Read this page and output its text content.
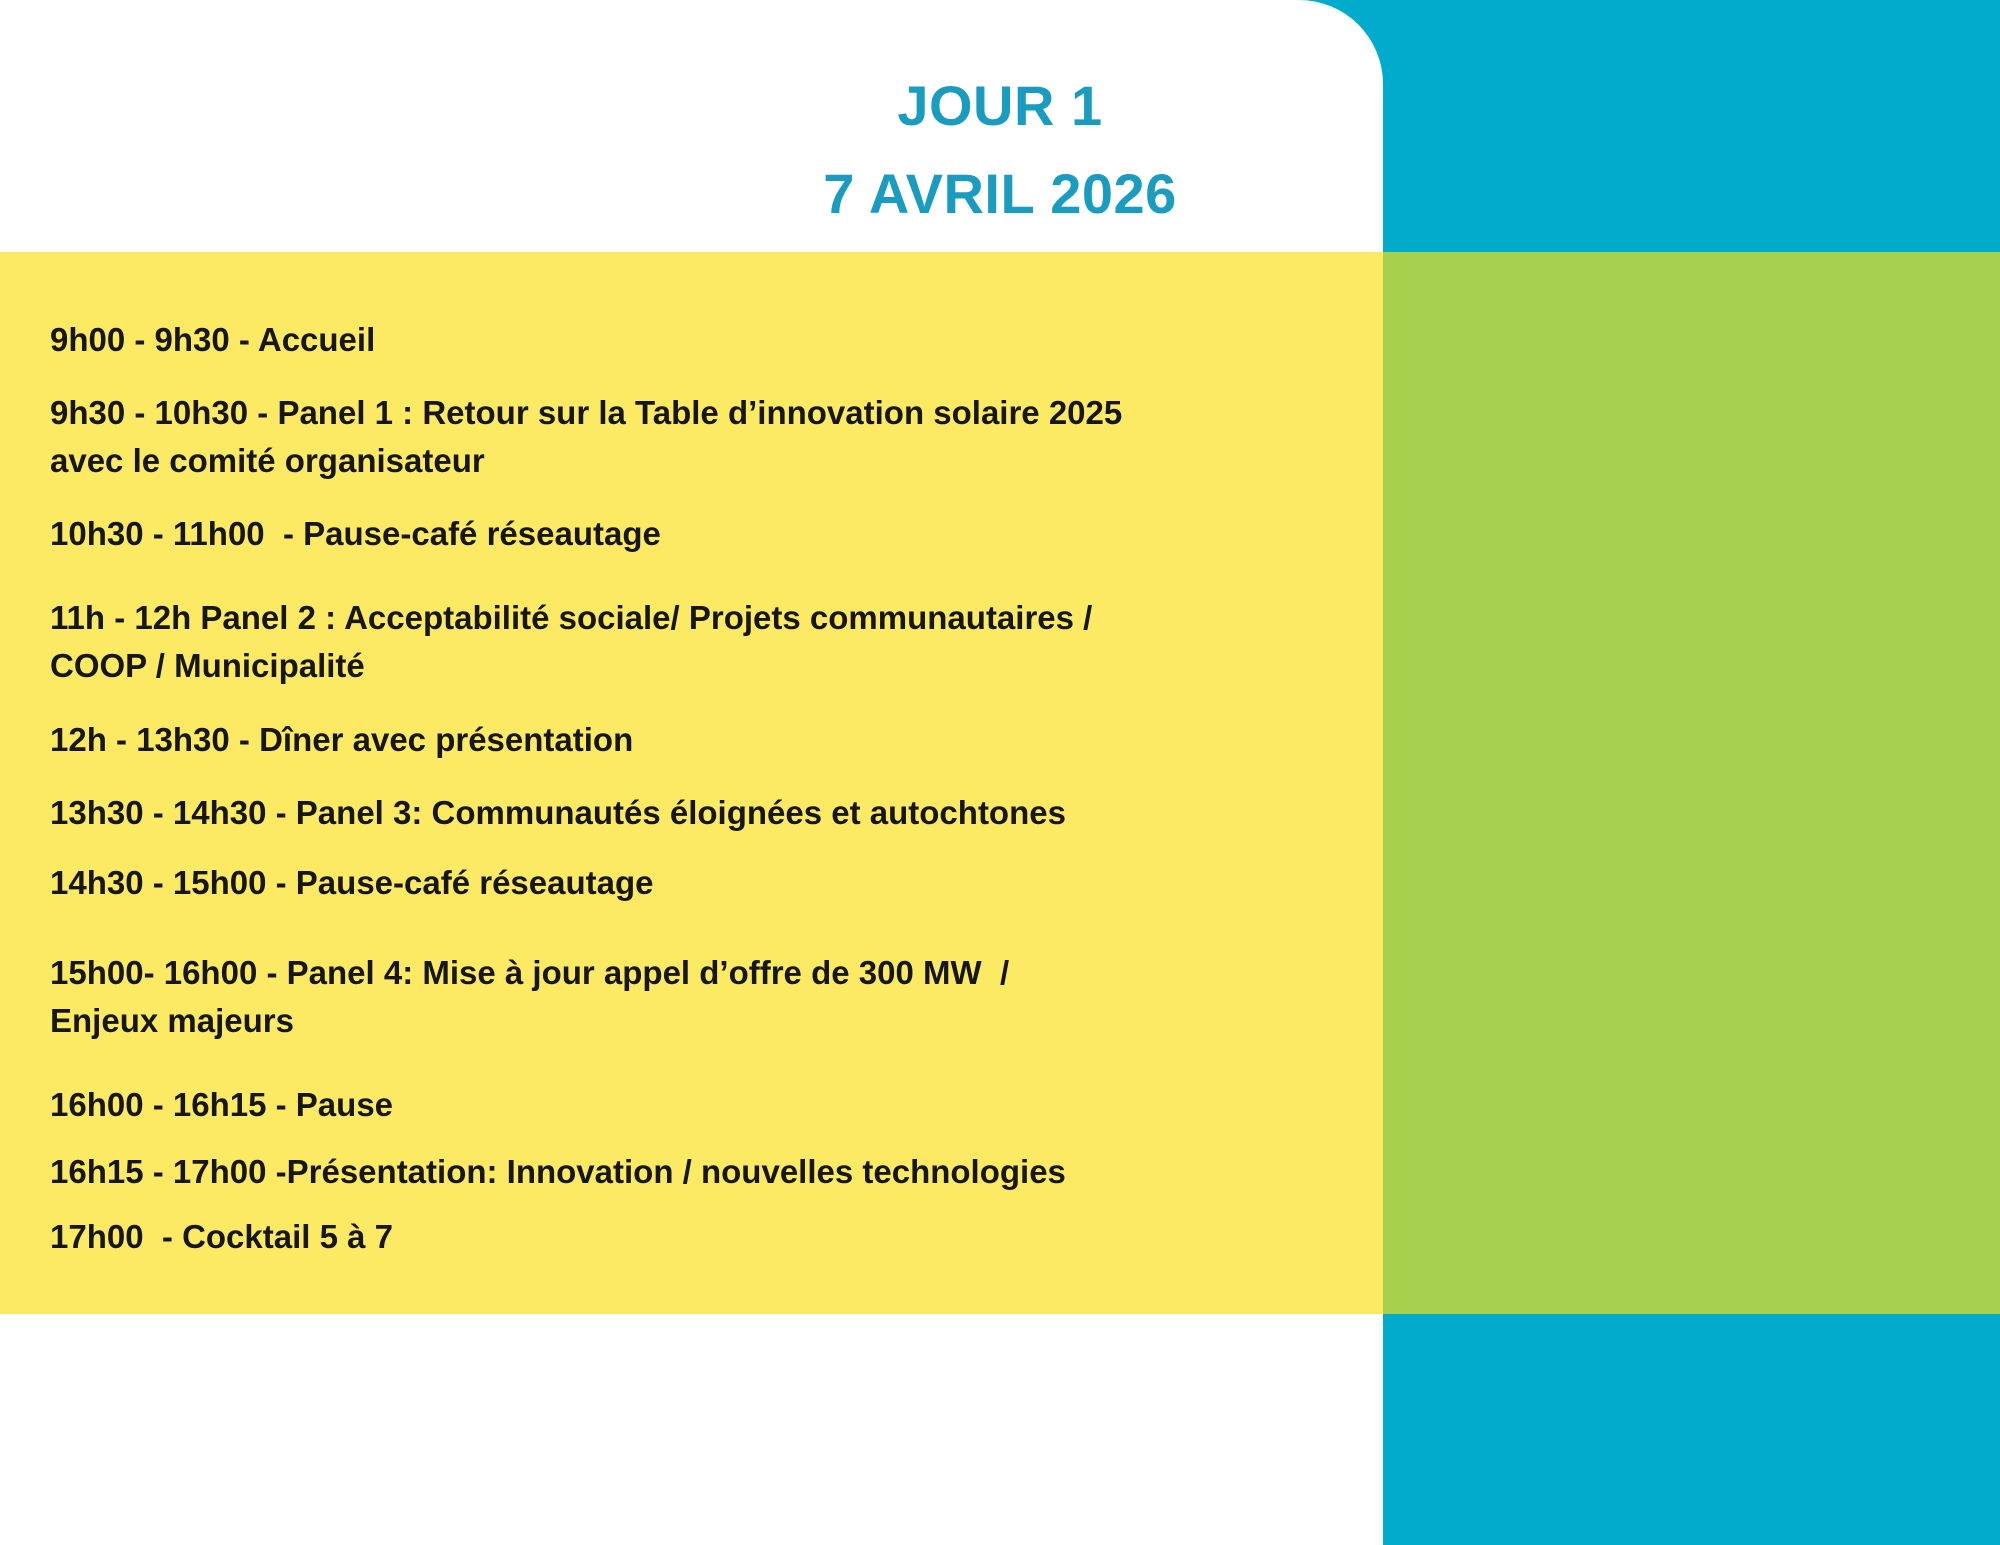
JOUR 1
7 AVRIL 2026

9h00 - 9h30 - Accueil

9h30 - 10h30 - Panel 1 : Retour sur la Table d’innovation solaire 2025
avec le comité organisateur

10h30 - 11h00  - Pause-café réseautage

11h - 12h Panel 2 : Acceptabilité sociale/ Projets communautaires /
COOP / Municipalité

12h - 13h30 - Dîner avec présentation

13h30 - 14h30 - Panel 3: Communautés éloignées et autochtones

14h30 - 15h00 - Pause-café réseautage

15h00- 16h00 - Panel 4: Mise à jour appel d’offre de 300 MW  /
Enjeux majeurs

16h00 - 16h15 - Pause

16h15 - 17h00 -Présentation: Innovation / nouvelles technologies

17h00  - Cocktail 5 à 7
